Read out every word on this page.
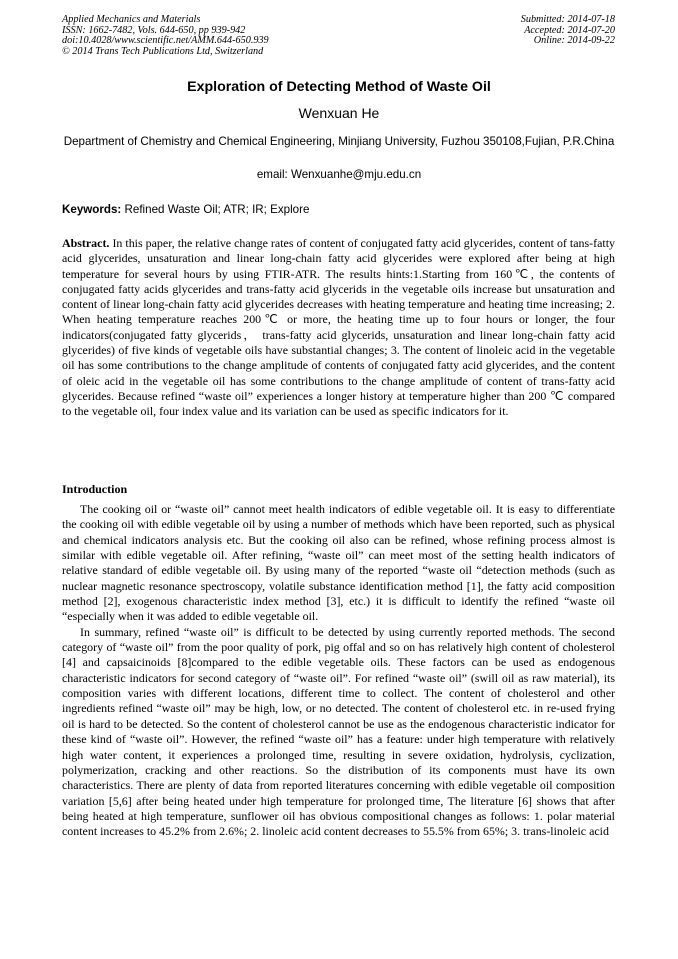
Applied Mechanics and Materials
ISSN: 1662-7482, Vols. 644-650, pp 939-942
doi:10.4028/www.scientific.net/AMM.644-650.939
© 2014 Trans Tech Publications Ltd, Switzerland
Submitted: 2014-07-18
Accepted: 2014-07-20
Online: 2014-09-22
Exploration of Detecting Method of Waste Oil
Wenxuan He
Department of Chemistry and Chemical Engineering, Minjiang University, Fuzhou 350108,Fujian, P.R.China
email: Wenxuanhe@mju.edu.cn
Keywords: Refined Waste Oil; ATR; IR; Explore
Abstract. In this paper, the relative change rates of content of conjugated fatty acid glycerides, content of tans-fatty acid glycerides, unsaturation and linear long-chain fatty acid glycerides were explored after being at high temperature for several hours by using FTIR-ATR. The results hints:1.Starting from 160℃, the contents of conjugated fatty acids glycerides and trans-fatty acid glycerids in the vegetable oils increase but unsaturation and content of linear long-chain fatty acid glycerides decreases with heating temperature and heating time increasing; 2. When heating temperature reaches 200℃ or more, the heating time up to four hours or longer, the four indicators(conjugated fatty glycerids， trans-fatty acid glycerids, unsaturation and linear long-chain fatty acid glycerides) of five kinds of vegetable oils have substantial changes; 3. The content of linoleic acid in the vegetable oil has some contributions to the change amplitude of contents of conjugated fatty acid glycerides, and the content of oleic acid in the vegetable oil has some contributions to the change amplitude of content of trans-fatty acid glycerides. Because refined “waste oil” experiences a longer history at temperature higher than 200 ℃ compared to the vegetable oil, four index value and its variation can be used as specific indicators for it.
Introduction

The cooking oil or “waste oil” cannot meet health indicators of edible vegetable oil. It is easy to differentiate the cooking oil with edible vegetable oil by using a number of methods which have been reported, such as physical and chemical indicators analysis etc. But the cooking oil also can be refined, whose refining process almost is similar with edible vegetable oil. After refining, “waste oil” can meet most of the setting health indicators of relative standard of edible vegetable oil. By using many of the reported “waste oil “detection methods (such as nuclear magnetic resonance spectroscopy, volatile substance identification method [1], the fatty acid composition method [2], exogenous characteristic index method [3], etc.) it is difficult to identify the refined “waste oil “especially when it was added to edible vegetable oil.

In summary, refined “waste oil” is difficult to be detected by using currently reported methods. The second category of “waste oil” from the poor quality of pork, pig offal and so on has relatively high content of cholesterol [4] and capsaicinoids [8]compared to the edible vegetable oils. These factors can be used as endogenous characteristic indicators for second category of “waste oil”. For refined “waste oil” (swill oil as raw material), its composition varies with different locations, different time to collect. The content of cholesterol and other ingredients refined “waste oil” may be high, low, or no detected. The content of cholesterol etc. in re-used frying oil is hard to be detected. So the content of cholesterol cannot be use as the endogenous characteristic indicator for these kind of “waste oil”. However, the refined “waste oil” has a feature: under high temperature with relatively high water content, it experiences a prolonged time, resulting in severe oxidation, hydrolysis, cyclization, polymerization, cracking and other reactions. So the distribution of its components must have its own characteristics. There are plenty of data from reported literatures concerning with edible vegetable oil composition variation [5,6] after being heated under high temperature for prolonged time, The literature [6] shows that after being heated at high temperature, sunflower oil has obvious compositional changes as follows: 1. polar material content increases to 45.2% from 2.6%; 2. linoleic acid content decreases to 55.5% from 65%; 3. trans-linoleic acid
